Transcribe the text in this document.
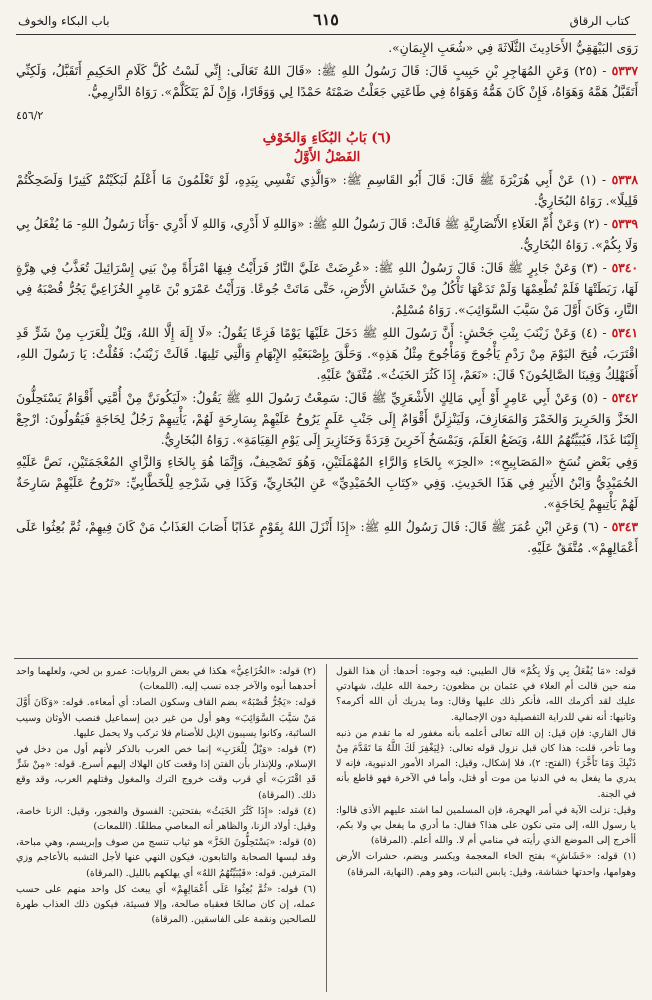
كتاب الرقاق
٦١٥
باب البكاء والخوف

رَوَى البَيْهَقِيُّ الأَحَادِيثَ الثَّلَاثَةَ فِي «شُعَبِ الإِيمَانِ».

٥٣٣٧ - (٢٥) وَعَنِ المُهَاجِرِ بْنِ حَبِيبٍ قَالَ: قَالَ رَسُولُ اللهِ ﷺ: «قَالَ اللهُ تَعَالَى: إِنِّي لَسْتُ كُلَّ كَلَامِ الحَكِيمِ أَتَقَبَّلُ، وَلَكِنِّي أَتَقَبَّلُ هَمَّهُ وَهَوَاهُ، فَإِنْ كَانَ هَمُّهُ وَهَوَاهُ فِي طَاعَتِي جَعَلْتُ صَمْتَهُ حَمْدًا لِي وَوَقَارًا، وَإِنْ لَمْ يَتَكَلَّمْ». رَوَاهُ الدَّارِمِيُّ.

٤٥٦/٢

(٦) بَابُ البُكَاءِ وَالخَوْفِ

الفَصْلُ الأَوَّلُ

٥٣٣٨ - (١) عَنْ أَبِي هُرَيْرَةَ ﷺ قَالَ: قَالَ أَبُو القَاسِمِ ﷺ: «وَالَّذِي نَفْسِي بِيَدِهِ، لَوْ تَعْلَمُونَ مَا أَعْلَمُ لَبَكَيْتُمْ كَثِيرًا وَلَضَحِكْتُمْ قَلِيلًا». رَوَاهُ البُخَارِيُّ.

٥٣٣٩ - (٢) وَعَنْ أُمِّ العَلَاءِ الأَنْصَارِيَّةِ ﷺ قَالَتْ: قَالَ رَسُولُ اللهِ ﷺ: «وَاللهِ لَا أَدْرِي، وَاللهِ لَا أَدْرِي -وَأَنَا رَسُولُ اللهِ- مَا يُفْعَلُ بِي وَلَا بِكُمْ». رَوَاهُ البُخَارِيُّ.

٥٣٤٠ - (٣) وَعَنْ جَابِرٍ ﷺ قَالَ: قَالَ رَسُولُ اللهِ ﷺ: «عُرِضَتْ عَلَيَّ النَّارُ فَرَأَيْتُ فِيهَا امْرَأَةً مِنْ بَنِي إِسْرَائِيلَ تُعَذَّبُ فِي هِرَّةٍ لَهَا، رَبَطَتْهَا فَلَمْ تُطْعِمْهَا وَلَمْ تَدَعْهَا تَأْكُلُ مِنْ خَشَاشِ الأَرْضِ، حَتَّى مَاتَتْ جُوعًا. وَرَأَيْتُ عَمْرَو بْنَ عَامِرٍ الخُزَاعِيَّ يَجُرُّ قُصْبَهُ فِي النَّارِ، وَكَانَ أَوَّلَ مَنْ سَيَّبَ السَّوَائِبَ». رَوَاهُ مُسْلِمٌ.

٥٣٤١ - (٤) وَعَنْ زَيْنَبَ بِنْتِ جَحْشٍ: أَنَّ رَسُولَ اللهِ ﷺ دَخَلَ عَلَيْهَا يَوْمًا فَزِعًا يَقُولُ: «لَا إِلَهَ إِلَّا اللهُ، وَيْلٌ لِلْعَرَبِ مِنْ شَرٍّ قَدِ اقْتَرَبَ، فُتِحَ اليَوْمَ مِنْ رَدْمِ يَأْجُوجَ وَمَأْجُوجَ مِثْلُ هَذِهِ». وَحَلَّقَ بِإِصْبَعَيْهِ الإِبْهَامِ وَالَّتِي تَلِيهَا. قَالَتْ زَيْنَبُ: فَقُلْتُ: يَا رَسُولَ اللهِ، أَفَنَهْلِكُ وَفِينَا الصَّالِحُونَ؟ قَالَ: «نَعَمْ، إِذَا كَثُرَ الخَبَثُ». مُتَّفَقٌ عَلَيْهِ.

٥٣٤٢ - (٥) وَعَنْ أَبِي عَامِرٍ أَوْ أَبِي مَالِكٍ الأَشْعَرِيِّ ﷺ قَالَ: سَمِعْتُ رَسُولَ اللهِ ﷺ يَقُولُ: «لَيَكُونَنَّ مِنْ أُمَّتِي أَقْوَامٌ يَسْتَحِلُّونَ الخَزَّ وَالحَرِيرَ وَالخَمْرَ وَالمَعَازِفَ، وَلَيَنْزِلَنَّ أَقْوَامٌ إِلَى جَنْبِ عَلَمٍ يَرُوحُ عَلَيْهِمْ بِسَارِحَةٍ لَهُمْ، يَأْتِيهِمْ رَجُلٌ لِحَاجَةٍ فَيَقُولُونَ: ارْجِعْ إِلَيْنَا غَدًا، فَيُبَيِّتُهُمُ اللهُ، وَيَضَعُ العَلَمَ، وَيَمْسَخُ آخَرِينَ قِرَدَةً وَخَنَازِيرَ إِلَى يَوْمِ القِيَامَةِ». رَوَاهُ البُخَارِيُّ.

وَفِي بَعْضِ نُسَخِ «المَصَابِيحِ»: «الحِرَ» بِالحَاءِ وَالرَّاءِ المُهْمَلَتَيْنِ، وَهُوَ تَصْحِيفٌ، وَإِنَّمَا هُوَ بِالخَاءِ وَالزَّايِ المُعْجَمَتَيْنِ، نَصَّ عَلَيْهِ الحُمَيْدِيُّ وَابْنُ الأَثِيرِ فِي هَذَا الحَدِيثِ. وَفِي «كِتَابِ الحُمَيْدِيِّ» عَنِ البُخَارِيِّ، وَكَذَا فِي شَرْحِهِ لِلْخَطَّابِيِّ: «تَرُوحُ عَلَيْهِمْ سَارِحَةٌ لَهُمْ يَأْتِيهِمْ لِحَاجَةٍ».

٥٣٤٣ - (٦) وَعَنِ ابْنِ عُمَرَ ﷺ قَالَ: قَالَ رَسُولُ اللهِ ﷺ: «إِذَا أَنْزَلَ اللهُ بِقَوْمٍ عَذَابًا أَصَابَ العَذَابُ مَنْ كَانَ فِيهِمْ، ثُمَّ بُعِثُوا عَلَى أَعْمَالِهِمْ». مُتَّفَقٌ عَلَيْهِ.

قوله: «مَا يُفْعَلُ بِي وَلَا بِكُمْ» قال الطيبي: فيه وجوه: أحدها: أن هذا القول منه حين قالت أم العلاء في عثمان بن مظعون: رحمة الله عليك، شهادتي عليك لقد أكرمك الله، فأنكر ذلك عليها وقال: وما يدريك أن الله أكرمه؟ وثانيها: أنه نفي للدراية التفصيلية دون الإجمالية.

قال القاري: فإن قيل: إن الله تعالى أعلمه بأنه مغفور له ما تقدم من ذنبه وما تأخر، قلت: هذا كان قبل نزول قوله تعالى: ﴿لِيَغْفِرَ لَكَ اللَّهُ مَا تَقَدَّمَ مِنْ ذَنْبِكَ وَمَا تَأَخَّرَ﴾ (الفتح: ٢)، فلا إشكال، وقيل: المراد الأمور الدنيوية، فإنه لا يدري ما يفعل به في الدنيا من موت أو قتل، وأما في الآخرة فهو قاطع بأنه في الجنة.

وقيل: نزلت الآية في أمر الهجرة، فإن المسلمين لما اشتد عليهم الأذى قالوا: يا رسول الله، إلى متى نكون على هذا؟ فقال: ما أدري ما يفعل بي ولا بكم، أأخرج إلى الموضع الذي رأيته في منامي أم لا. والله أعلم. (المرقاة)

(١) قوله: «خَشَاشِ» بفتح الخاء المعجمة ويكسر ويضم، حشرات الأرض وهوامها، واحدتها خشاشة، وقيل: يابس النبات، وهو وهم. (النهاية، المرقاة)

(٢) قوله: «الخُزَاعِيُّ» هكذا في بعض الروايات: عمرو بن لحي، ولعلهما واحد أحدهما أبوه والآخر جده نسب إليه. (اللمعات)

قوله: «يَجُرُّ قُصْبَهُ» بضم القاف وسكون الصاد: أي أمعاءه. قوله: «وَكَانَ أَوَّلَ مَنْ سَيَّبَ السَّوَائِبَ» وهو أول من غير دين إسماعيل فنصب الأوثان وسيب السائبة، وكانوا يسيبون الإبل للأصنام فلا تركب ولا يحمل عليها.

(٣) قوله: «وَيْلٌ لِلْعَرَبِ» إنما خص العرب بالذكر لأنهم أول من دخل في الإسلام، وللإنذار بأن الفتن إذا وقعت كان الهلاك إليهم أسرع. قوله: «مِنْ شَرٍّ قَدِ اقْتَرَبَ» أي قرب وقت خروج الترك والمغول وقتلهم العرب، وقد وقع ذلك. (المرقاة)

(٤) قوله: «إِذَا كَثُرَ الخَبَثُ» بفتحتين: الفسوق والفجور، وقيل: الزنا خاصة، وقيل: أولاد الزنا، والظاهر أنه المعاصي مطلقًا. (اللمعات)

(٥) قوله: «يَسْتَحِلُّونَ الخَزَّ» هو ثياب تنسج من صوف وإبريسم، وهي مباحة، وقد لبسها الصحابة والتابعون، فيكون النهي عنها لأجل التشبه بالأعاجم وزي المترفين. قوله: «فَيُبَيِّتُهُمُ اللهُ» أي يهلكهم بالليل. (المرقاة)

(٦) قوله: «ثُمَّ بُعِثُوا عَلَى أَعْمَالِهِمْ» أي يبعث كل واحد منهم على حسب عمله، إن كان صالحًا فعقباه صالحة، وإلا فسيئة، فيكون ذلك العذاب طهرة للصالحين ونقمة على الفاسقين. (المرقاة)
